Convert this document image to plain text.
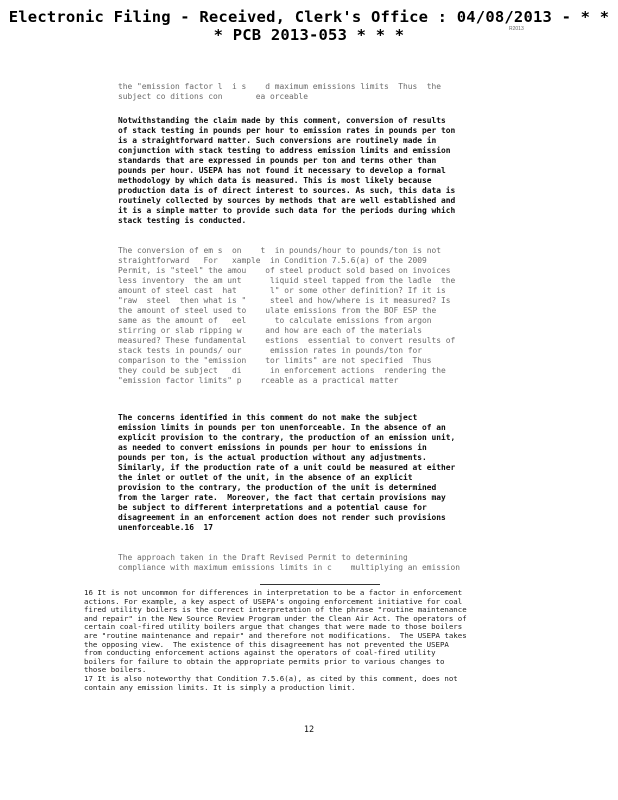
Electronic Filing - Received, Clerk's Office : 04/08/2013 - * * * PCB 2013-053 * * *	R2013
the "emission factor l  i s    d maximum emissions limits  Thus  the
subject co ditions con       ea orceable
Notwithstanding the claim made by this comment, conversion of results
of stack testing in pounds per hour to emission rates in pounds per ton
is a straightforward matter. Such conversions are routinely made in
conjunction with stack testing to address emission limits and emission
standards that are expressed in pounds per ton and terms other than
pounds per hour. USEPA has not found it necessary to develop a formal
methodology by which data is measured. This is most likely because
production data is of direct interest to sources. As such, this data is
routinely collected by sources by methods that are well established and
it is a simple matter to provide such data for the periods during which
stack testing is conducted.
The conversion of em s  on    t  in pounds/hour to pounds/ton is not
straightforward   For   xample  in Condition 7.5.6(a) of the 2009
Permit, is "steel" the amou    of steel product sold based on invoices
less inventory  the am unt      liquid steel tapped from the ladle  the
amount of steel cast  hat       l" or some other definition? If it is
"raw  steel  then what is "     steel and how/where is it measured? Is
the amount of steel used to    ulate emissions from the BOF ESP the
same as the amount of   eel      to calculate emissions from argon
stirring or slab ripping w     and how are each of the materials
measured? These fundamental    estions  essential to convert results of
stack tests in pounds/ our      emission rates in pounds/ton for
comparison to the "emission    tor limits" are not specified  Thus
they could be subject   di      in enforcement actions  rendering the
"emission factor limits" p    rceable as a practical matter
The concerns identified in this comment do not make the subject
emission limits in pounds per ton unenforceable. In the absence of an
explicit provision to the contrary, the production of an emission unit,
as needed to convert emissions in pounds per hour to emissions in
pounds per ton, is the actual production without any adjustments.
Similarly, if the production rate of a unit could be measured at either
the inlet or outlet of the unit, in the absence of an explicit
provision to the contrary, the production of the unit is determined
from the larger rate.  Moreover, the fact that certain provisions may
be subject to different interpretations and a potential cause for
disagreement in an enforcement action does not render such provisions
unenforceable.16  17
The approach taken in the Draft Revised Permit to determining
compliance with maximum emissions limits in c    multiplying an emission
16 It is not uncommon for differences in interpretation to be a factor in enforcement
actions. For example, a key aspect of USEPA's ongoing enforcement initiative for coal
fired utility boilers is the correct interpretation of the phrase "routine maintenance
and repair" in the New Source Review Program under the Clean Air Act. The operators of
certain coal-fired utility boilers argue that changes that were made to those boilers
are "routine maintenance and repair" and therefore not modifications.  The USEPA takes
the opposing view.  The existence of this disagreement has not prevented the USEPA
from conducting enforcement actions against the operators of coal-fired utility
boilers for failure to obtain the appropriate permits prior to various changes to
those boilers.
17 It is also noteworthy that Condition 7.5.6(a), as cited by this comment, does not
contain any emission limits. It is simply a production limit.
12
